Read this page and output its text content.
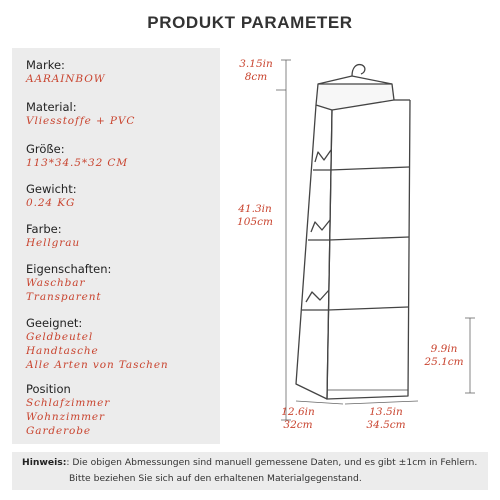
PRODUKT PARAMETER
Marke:
AARAINBOW
Material:
Vliesstoffe + PVC
Größe:
113*34.5*32 CM
Gewicht:
0.24 KG
Farbe:
Hellgrau
Eigenschaften:
Waschbar
Transparent
Geeignet:
Geldbeutel
Handtasche
Alle Arten von Taschen
Position
Schlafzimmer
Wohnzimmer
Garderobe
3.15in
8cm
41.3in
105cm
9.9in
25.1cm
12.6in
32cm
13.5in
34.5cm
Hinweis:: Die obigen Abmessungen sind manuell gemessene Daten, und es gibt ±1cm in Fehlern.
Bitte beziehen Sie sich auf den erhaltenen Materialgegenstand.
